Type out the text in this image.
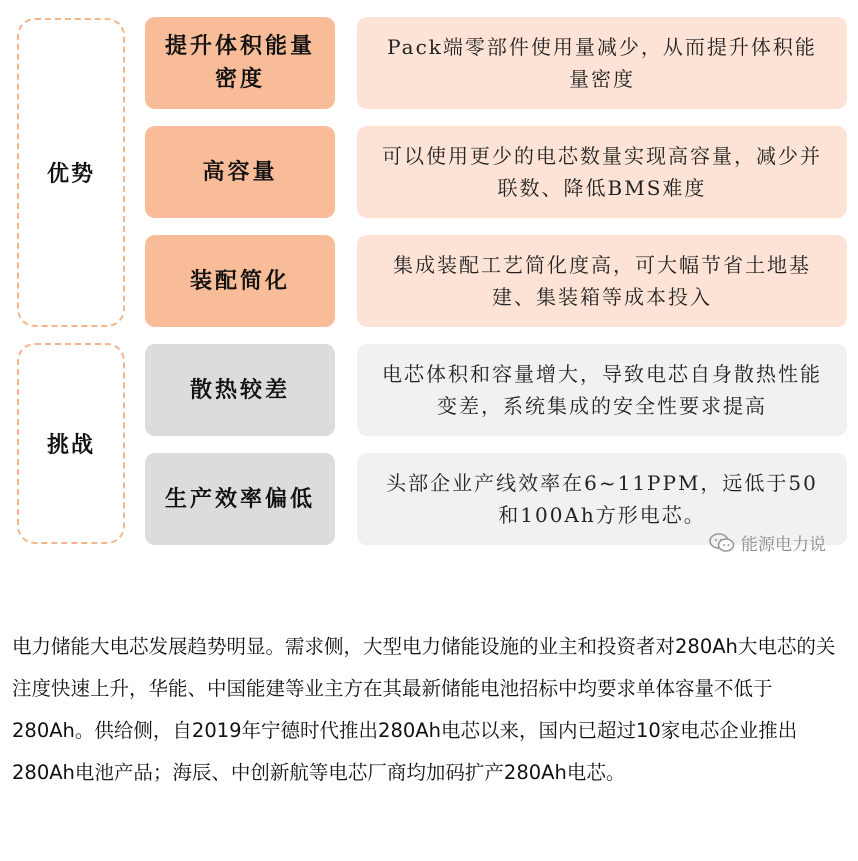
优势
挑战
提升体积能量密度
Pack端零部件使用量减少，从而提升体积能量密度
高容量
可以使用更少的电芯数量实现高容量，减少并联数、降低BMS难度
装配简化
集成装配工艺简化度高，可大幅节省土地基建、集装箱等成本投入
散热较差
电芯体积和容量增大，导致电芯自身散热性能变差，系统集成的安全性要求提高
生产效率偏低
头部企业产线效率在6~11PPM，远低于50和100Ah方形电芯。
能源电力说

电力储能大电芯发展趋势明显。需求侧，大型电力储能设施的业主和投资者对280Ah大电芯的关注度快速上升，华能、中国能建等业主方在其最新储能电池招标中均要求单体容量不低于280Ah。供给侧，自2019年宁德时代推出280Ah电芯以来，国内已超过10家电芯企业推出280Ah电池产品；海辰、中创新航等电芯厂商均加码扩产280Ah电芯。
